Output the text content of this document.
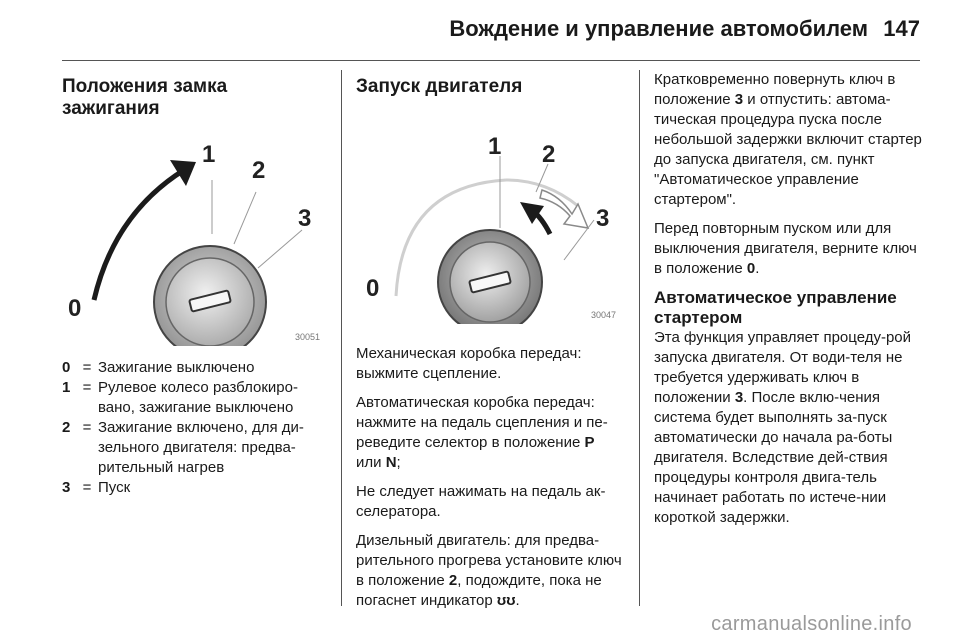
Вождение и управление автомобилем 147
Положения замка зажигания
1
2
3
0
30051
0 = Зажигание выключено
1 = Рулевое колесо разблокиро-вано, зажигание выключено
2 = Зажигание включено, для ди-зельного двигателя: предва-рительный нагрев
3 = Пуск
Запуск двигателя
1 2
3
0
30047

Механическая коробка передач: выжмите сцепление.

Автоматическая коробка передач: нажмите на педаль сцепления и пе-реведите селектор в положение P или N;

Не следует нажимать на педаль ак-селератора.

Дизельный двигатель: для предва-рительного прогрева установите ключ в положение 2, подождите, пока не погаснет индикатор ʊʊ.

Кратковременно повернуть ключ в положение 3 и отпустить: автома-тическая процедура пуска после небольшой задержки включит стартер до запуска двигателя, см. пункт "Автоматическое управление стартером".

Перед повторным пуском или для выключения двигателя, верните ключ в положение 0.

Автоматическое управление стартером

Эта функция управляет процеду-рой запуска двигателя. От води-теля не требуется удерживать ключ в положении 3. После вклю-чения система будет выполнять за-пуск автоматически до начала ра-боты двигателя. Вследствие дей-ствия процедуры контроля двига-тель начинает работать по истече-нии короткой задержки.

carmanualsonline.info
